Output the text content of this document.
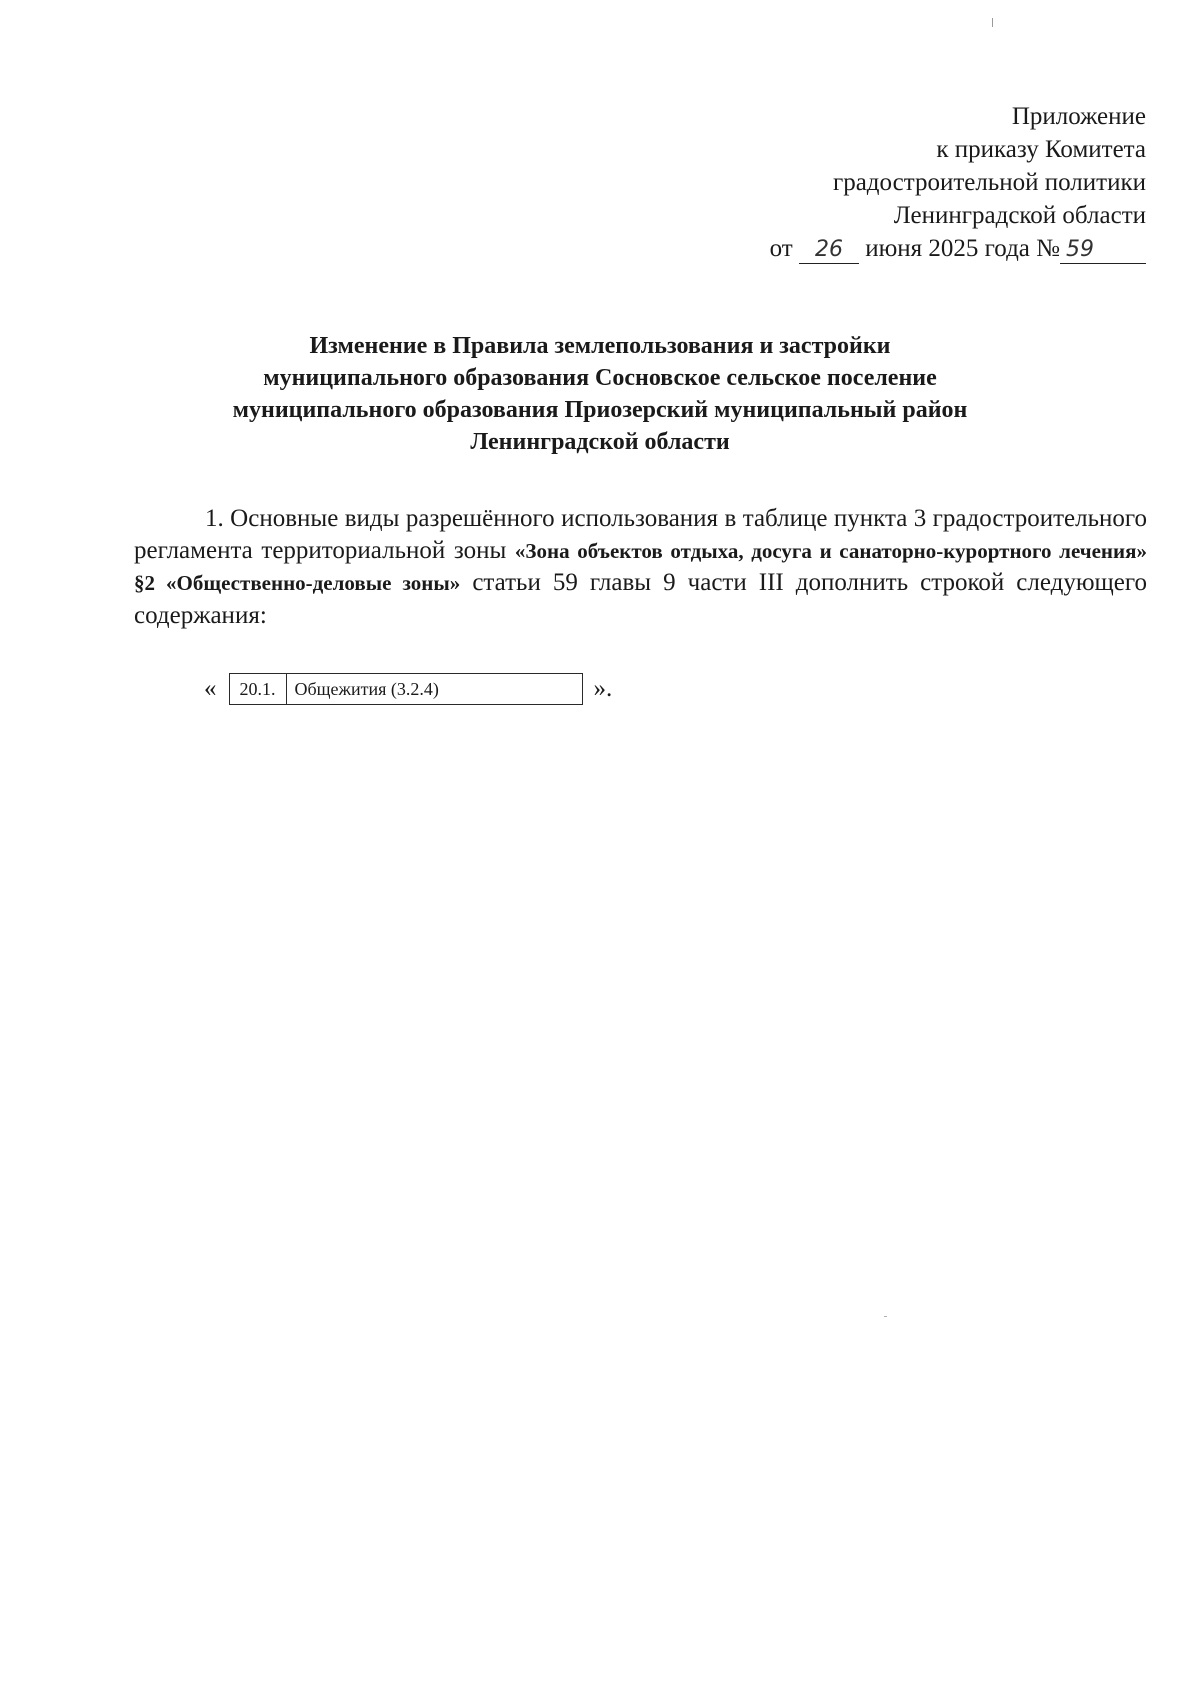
Приложение
к приказу Комитета
градостроительной политики
Ленинградской области
от 26 июня 2025 года № 59
Изменение в Правила землепользования и застройки
муниципального образования Сосновское сельское поселение
муниципального образования Приозерский муниципальный район
Ленинградской области
1. Основные виды разрешённого использования в таблице пункта 3 градостроительного регламента территориальной зоны «Зона объектов отдыха, досуга и санаторно-курортного лечения» §2 «Общественно-деловые зоны» статьи 59 главы 9 части III дополнить строкой следующего содержания:
« 20.1.	Общежития (3.2.4)	».
